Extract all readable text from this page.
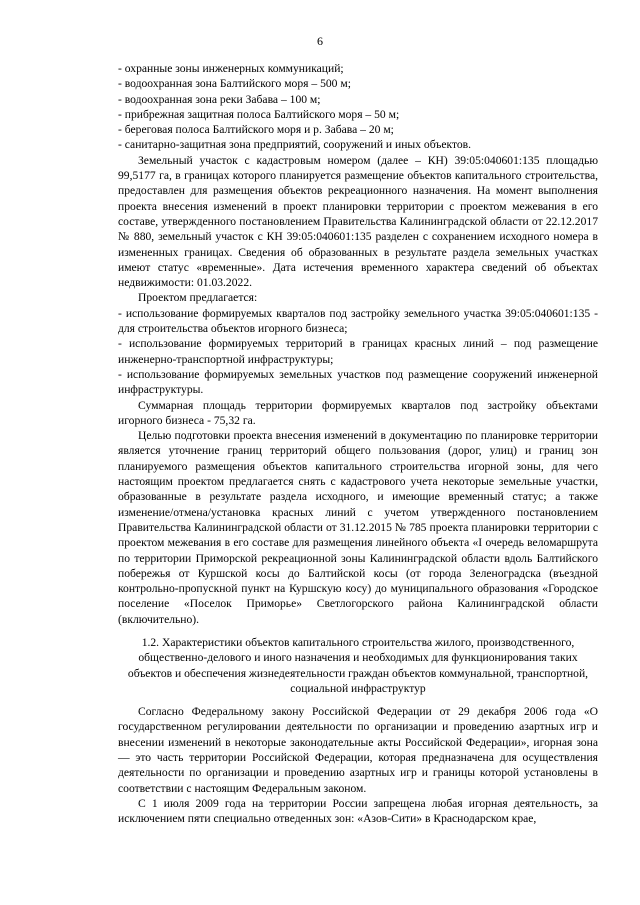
6

- охранные зоны инженерных коммуникаций;

- водоохранная зона Балтийского моря – 500 м;

- водоохранная зона реки Забава – 100 м;

- прибрежная защитная полоса Балтийского моря – 50 м;

- береговая полоса Балтийского моря и р. Забава – 20 м;

- санитарно-защитная зона предприятий, сооружений и иных объектов.

Земельный участок с кадастровым номером (далее – КН) 39:05:040601:135 площадью 99,5177 га, в границах которого планируется размещение объектов капитального строительства, предоставлен для размещения объектов рекреационного назначения. На момент выполнения проекта внесения изменений в проект планировки территории с проектом межевания в его составе, утвержденного постановлением Правительства Калининградской области от 22.12.2017 № 880, земельный участок с КН 39:05:040601:135 разделен с сохранением исходного номера в измененных границах. Сведения об образованных в результате раздела земельных участках имеют статус «временные». Дата истечения временного характера сведений об объектах недвижимости: 01.03.2022.

Проектом предлагается:

- использование формируемых кварталов под застройку земельного участка 39:05:040601:135 - для строительства объектов игорного бизнеса;

- использование формируемых территорий в границах красных линий – под размещение инженерно-транспортной инфраструктуры;

- использование формируемых земельных участков под размещение сооружений инженерной инфраструктуры.

Суммарная площадь территории формируемых кварталов под застройку объектами игорного бизнеса - 75,32 га.

Целью подготовки проекта внесения изменений в документацию по планировке территории является уточнение границ территорий общего пользования (дорог, улиц) и границ зон планируемого размещения объектов капитального строительства игорной зоны, для чего настоящим проектом предлагается снять с кадастрового учета некоторые земельные участки, образованные в результате раздела исходного, и имеющие временный статус; а также изменение/отмена/установка красных линий с учетом утвержденного постановлением Правительства Калининградской области от 31.12.2015 № 785 проекта планировки территории с проектом межевания в его составе для размещения линейного объекта «I очередь веломаршрута по территории Приморской рекреационной зоны Калининградской области вдоль Балтийского побережья от Куршской косы до Балтийской косы (от города Зеленоградска (въездной контрольно-пропускной пункт на Куршскую косу) до муниципального образования «Городское поселение «Поселок Приморье» Светлогорского района Калининградской области (включительно).

1.2. Характеристики объектов капитального строительства жилого, производственного, общественно-делового и иного назначения и необходимых для функционирования таких объектов и обеспечения жизнедеятельности граждан объектов коммунальной, транспортной, социальной инфраструктур

Согласно Федеральному закону Российской Федерации от 29 декабря 2006 года «О государственном регулировании деятельности по организации и проведению азартных игр и внесении изменений в некоторые законодательные акты Российской Федерации», игорная зона — это часть территории Российской Федерации, которая предназначена для осуществления деятельности по организации и проведению азартных игр и границы которой установлены в соответствии с настоящим Федеральным законом.

С 1 июля 2009 года на территории России запрещена любая игорная деятельность, за исключением пяти специально отведенных зон: «Азов-Сити» в Краснодарском крае,
